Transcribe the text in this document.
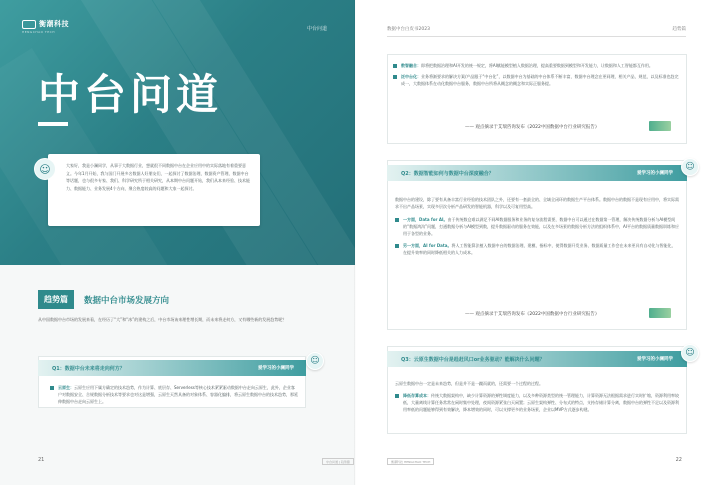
衡潮科技
HENGCHAO TECH	中台问道
中台问道
大家好，我是小澜同学，从事于大数据行业，想就很不同数据中台在企业应用中的实际落地有着重要意义。今年1月开始，我与国门开展多名数据人好朋友们，一起探讨了数据治理、数据资产管理、数据中台等话题，也与很多专家、我们、科学研究所于相关研究，从本期中台问题开始，我们从本来经验、技术能力、数据能力、业务发展4个方向，聚合热度较高的问题和大家一起探讨。
☺
趋势篇	数据中台市场发展方向
从中国数据中台市场的发展来看，在经历了“大”和“冰”的建构之后，中台市场该来理性增长期，而未来将走何方，又有哪些新的发展趋势呢？
Q1：数据中台未来将走向何方？	爱学习的小澜同学
☺
云原生：云原生应用下属方确定的技术趋势，作为计算、底层存、Serverless等核心技术紧紧驱动数据中台走向云原生，此外，企业客户对数据安全、合规数据分析技术等要求也对这是增强，云原生天然具备的对象体系、容器化编排，将云原生数据中台的技术趋势，那延伸数据中台走向云原生上。
21	中台问道 | 趋势篇
数据中台白皮书2023	趋势篇
数智融合：即将把数据治理和AI开发的统一规定，将AI赋能模型植入数据治理，提高重要数据到模型和开发能力，让数据和人工智能都互作用。
泛中台化：业务将渐要求的解决方案/产品跟于“中台化”，以数据中台为基础的中台体系不断丰富，数据中台理念在更同理，相关产品，规范，以及标准也趋完成一，大数据体系在动化数据中台服务，数据中台所将从概念的概念和实际正服务提。
—— 观点摘录于艾瑞咨询发布《2022中国数据中台行业研究报告》
Q2：数据智能如何与数据中台深度融合？	爱学习的小澜同学
☺
数据中台的建设，除了要有具备丰富行业经验的技术团队之外，还要有一套最全的、全域全闭环的数据生产平台体系。数据中台的数据不是现有应用中，将实际需求不出产品场景，实现多层次分析产品研发的智能机器，科学以及可复用型高。
一方面，Data for AI。由于传统数仓难以满足不同AI数据服务和业务的复杂流程需要，数据中台可以通过在数据第一管理，解决传统数据分析与AI模型间的“数据鸿沟”问题，打通数据分析与AI模型到数，提升数据驱动的服务在效能，以及在多场景的数据分析方法的组织体系中，AI平台的数据质量数据训练和应用于各型的业务。
另一方面，AI for Data。将人工智能算法植入数据中台的数据治理、建模、指标中，使得数据开发业务、数据质量工作会在未来更具有自动化与智能化，在提升效率的同时降低相关的人力成本。
—— 观点摘录于艾瑞咨询发布《2022中国数据中台行业研究报告》
Q3：云原生数据中台是趋赶风口or业务驱动？能解决什么问题？	爱学习的小澜同学
☺
云原生数据中台一定是未来趋势，但是并不是一蹴而就的，还需要一个过程的过程。
降低存算成本：传统大数据架构中，缺少计算资源的弹性调度能力，以及多种资源类型的统一管理能力，计算资源无法根据需求进行实时扩缩，资源利用率较低，大量离线计算任务常常在闲时集中处理，夜间资源紧张白天闲置；云原生架构弹性、分布式的特点，支持存储计算分离，数据中台的弹性不足以及资源利用率低的问题能够得到有效解决，降本增效的同时，可以支撑更多的业务场景，企业以MVP方式逐步构建。
衡潮科技 HENGCHAO TECH	22
